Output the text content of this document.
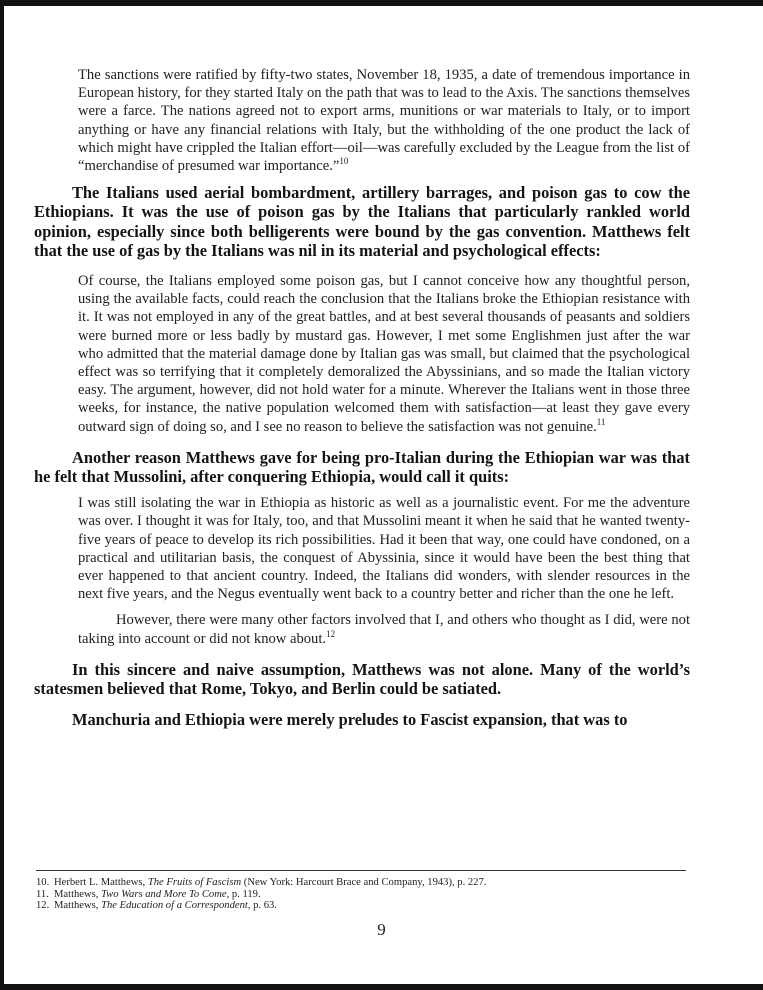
The sanctions were ratified by fifty-two states, November 18, 1935, a date of tremendous importance in European history, for they started Italy on the path that was to lead to the Axis. The sanctions themselves were a farce. The nations agreed not to export arms, munitions or war materials to Italy, or to import anything or have any financial relations with Italy, but the withholding of the one product the lack of which might have crippled the Italian effort—oil—was carefully excluded by the League from the list of “merchandise of presumed war importance.”$^{10}$

The Italians used aerial bombardment, artillery barrages, and poison gas to cow the Ethiopians. It was the use of poison gas by the Italians that particularly rankled world opinion, especially since both belligerents were bound by the gas convention. Matthews felt that the use of gas by the Italians was nil in its material and psychological effects:

Of course, the Italians employed some poison gas, but I cannot conceive how any thoughtful person, using the available facts, could reach the conclusion that the Italians broke the Ethiopian resistance with it. It was not employed in any of the great battles, and at best several thousands of peasants and soldiers were burned more or less badly by mustard gas. However, I met some Englishmen just after the war who admitted that the material damage done by Italian gas was small, but claimed that the psychological effect was so terrifying that it completely demoralized the Abyssinians, and so made the Italian victory easy. The argument, however, did not hold water for a minute. Wherever the Italians went in those three weeks, for instance, the native population welcomed them with satisfaction—at least they gave every outward sign of doing so, and I see no reason to believe the satisfaction was not genuine.$^{11}$

Another reason Matthews gave for being pro-Italian during the Ethiopian war was that he felt that Mussolini, after conquering Ethiopia, would call it quits:

I was still isolating the war in Ethiopia as historic as well as a journalistic event. For me the adventure was over. I thought it was for Italy, too, and that Mussolini meant it when he said that he wanted twenty-five years of peace to develop its rich possibilities. Had it been that way, one could have condoned, on a practical and utilitarian basis, the conquest of Abyssinia, since it would have been the best thing that ever happened to that ancient country. Indeed, the Italians did wonders, with slender resources in the next five years, and the Negus eventually went back to a country better and richer than the one he left.

However, there were many other factors involved that I, and others who thought as I did, were not taking into account or did not know about.$^{12}$

In this sincere and naive assumption, Matthews was not alone. Many of the world’s statesmen believed that Rome, Tokyo, and Berlin could be satiated.

Manchuria and Ethiopia were merely preludes to Fascist expansion, that was to

10. Herbert L. Matthews, The Fruits of Fascism (New York: Harcourt Brace and Company, 1943), p. 227.
11. Matthews, Two Wars and More To Come, p. 119.
12. Matthews, The Education of a Correspondent, p. 63.
9
